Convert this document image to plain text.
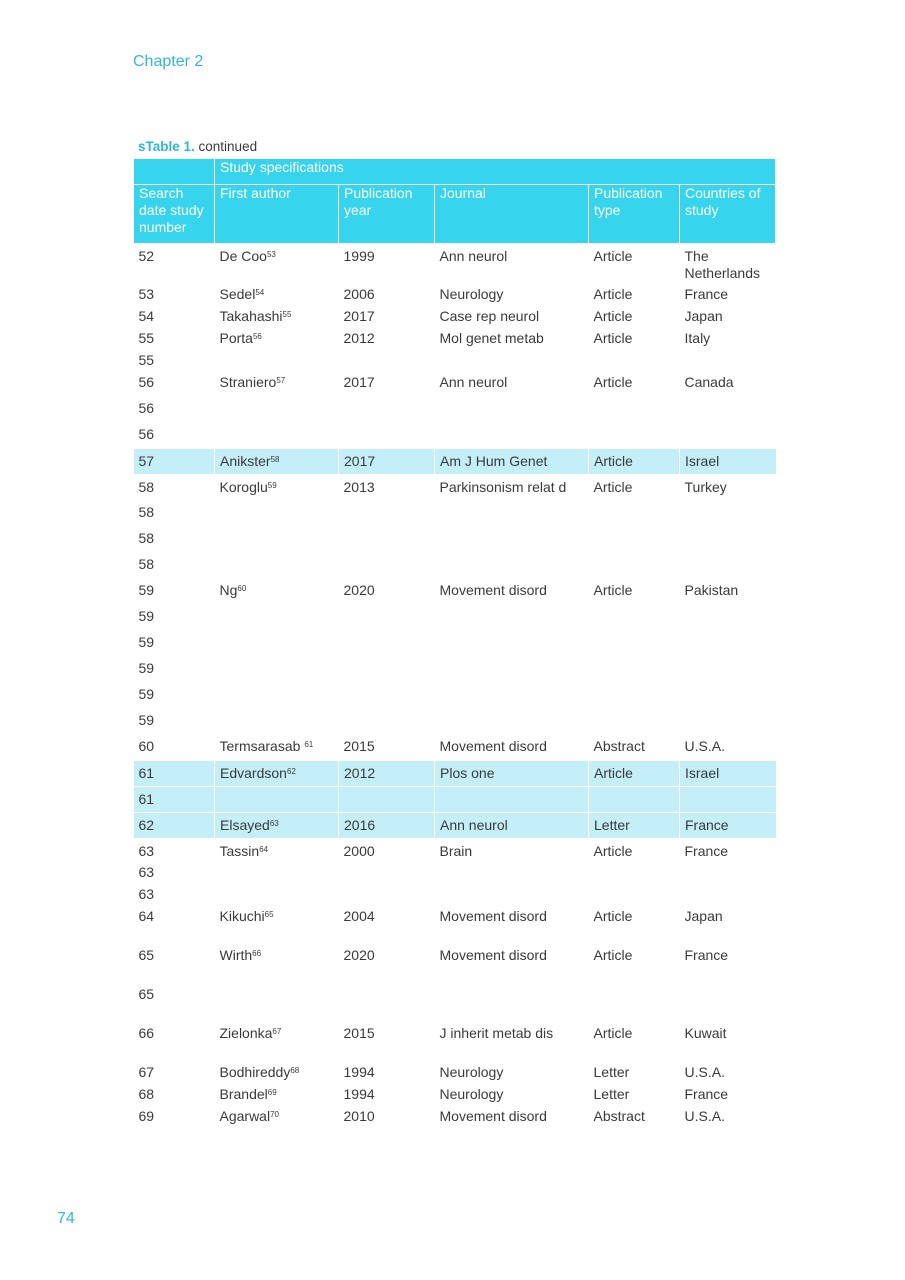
Chapter 2
sTable 1. continued
	Study specifications				
Search date study number	First author	Publication year	Journal	Publication type	Countries of study
52	De Coo$^{53}$	1999	Ann neurol	Article	The Netherlands
53	Sedel$^{54}$	2006	Neurology	Article	France
54	Takahashi$^{55}$	2017	Case rep neurol	Article	Japan
55	Porta$^{56}$	2012	Mol genet metab	Article	Italy
55					
56	Straniero$^{57}$	2017	Ann neurol	Article	Canada
56					
56					
57	Anikster$^{58}$	2017	Am J Hum Genet	Article	Israel
58	Koroglu$^{59}$	2013	Parkinsonism relat d	Article	Turkey
58					
58					
58					
59	Ng$^{60}$	2020	Movement disord	Article	Pakistan
59					
59					
59					
59					
59					
60	Termsarasab $^{61}$	2015	Movement disord	Abstract	U.S.A.
61	Edvardson$^{62}$	2012	Plos one	Article	Israel
61					
62	Elsayed$^{63}$	2016	Ann neurol	Letter	France
63	Tassin$^{64}$	2000	Brain	Article	France
63					
63					
64	Kikuchi$^{65}$	2004	Movement disord	Article	Japan
65	Wirth$^{66}$	2020	Movement disord	Article	France
65					
66	Zielonka$^{67}$	2015	J inherit metab dis	Article	Kuwait
67	Bodhireddy$^{68}$	1994	Neurology	Letter	U.S.A.
68	Brandel$^{69}$	1994	Neurology	Letter	France
69	Agarwal$^{70}$	2010	Movement disord	Abstract	U.S.A.
74
